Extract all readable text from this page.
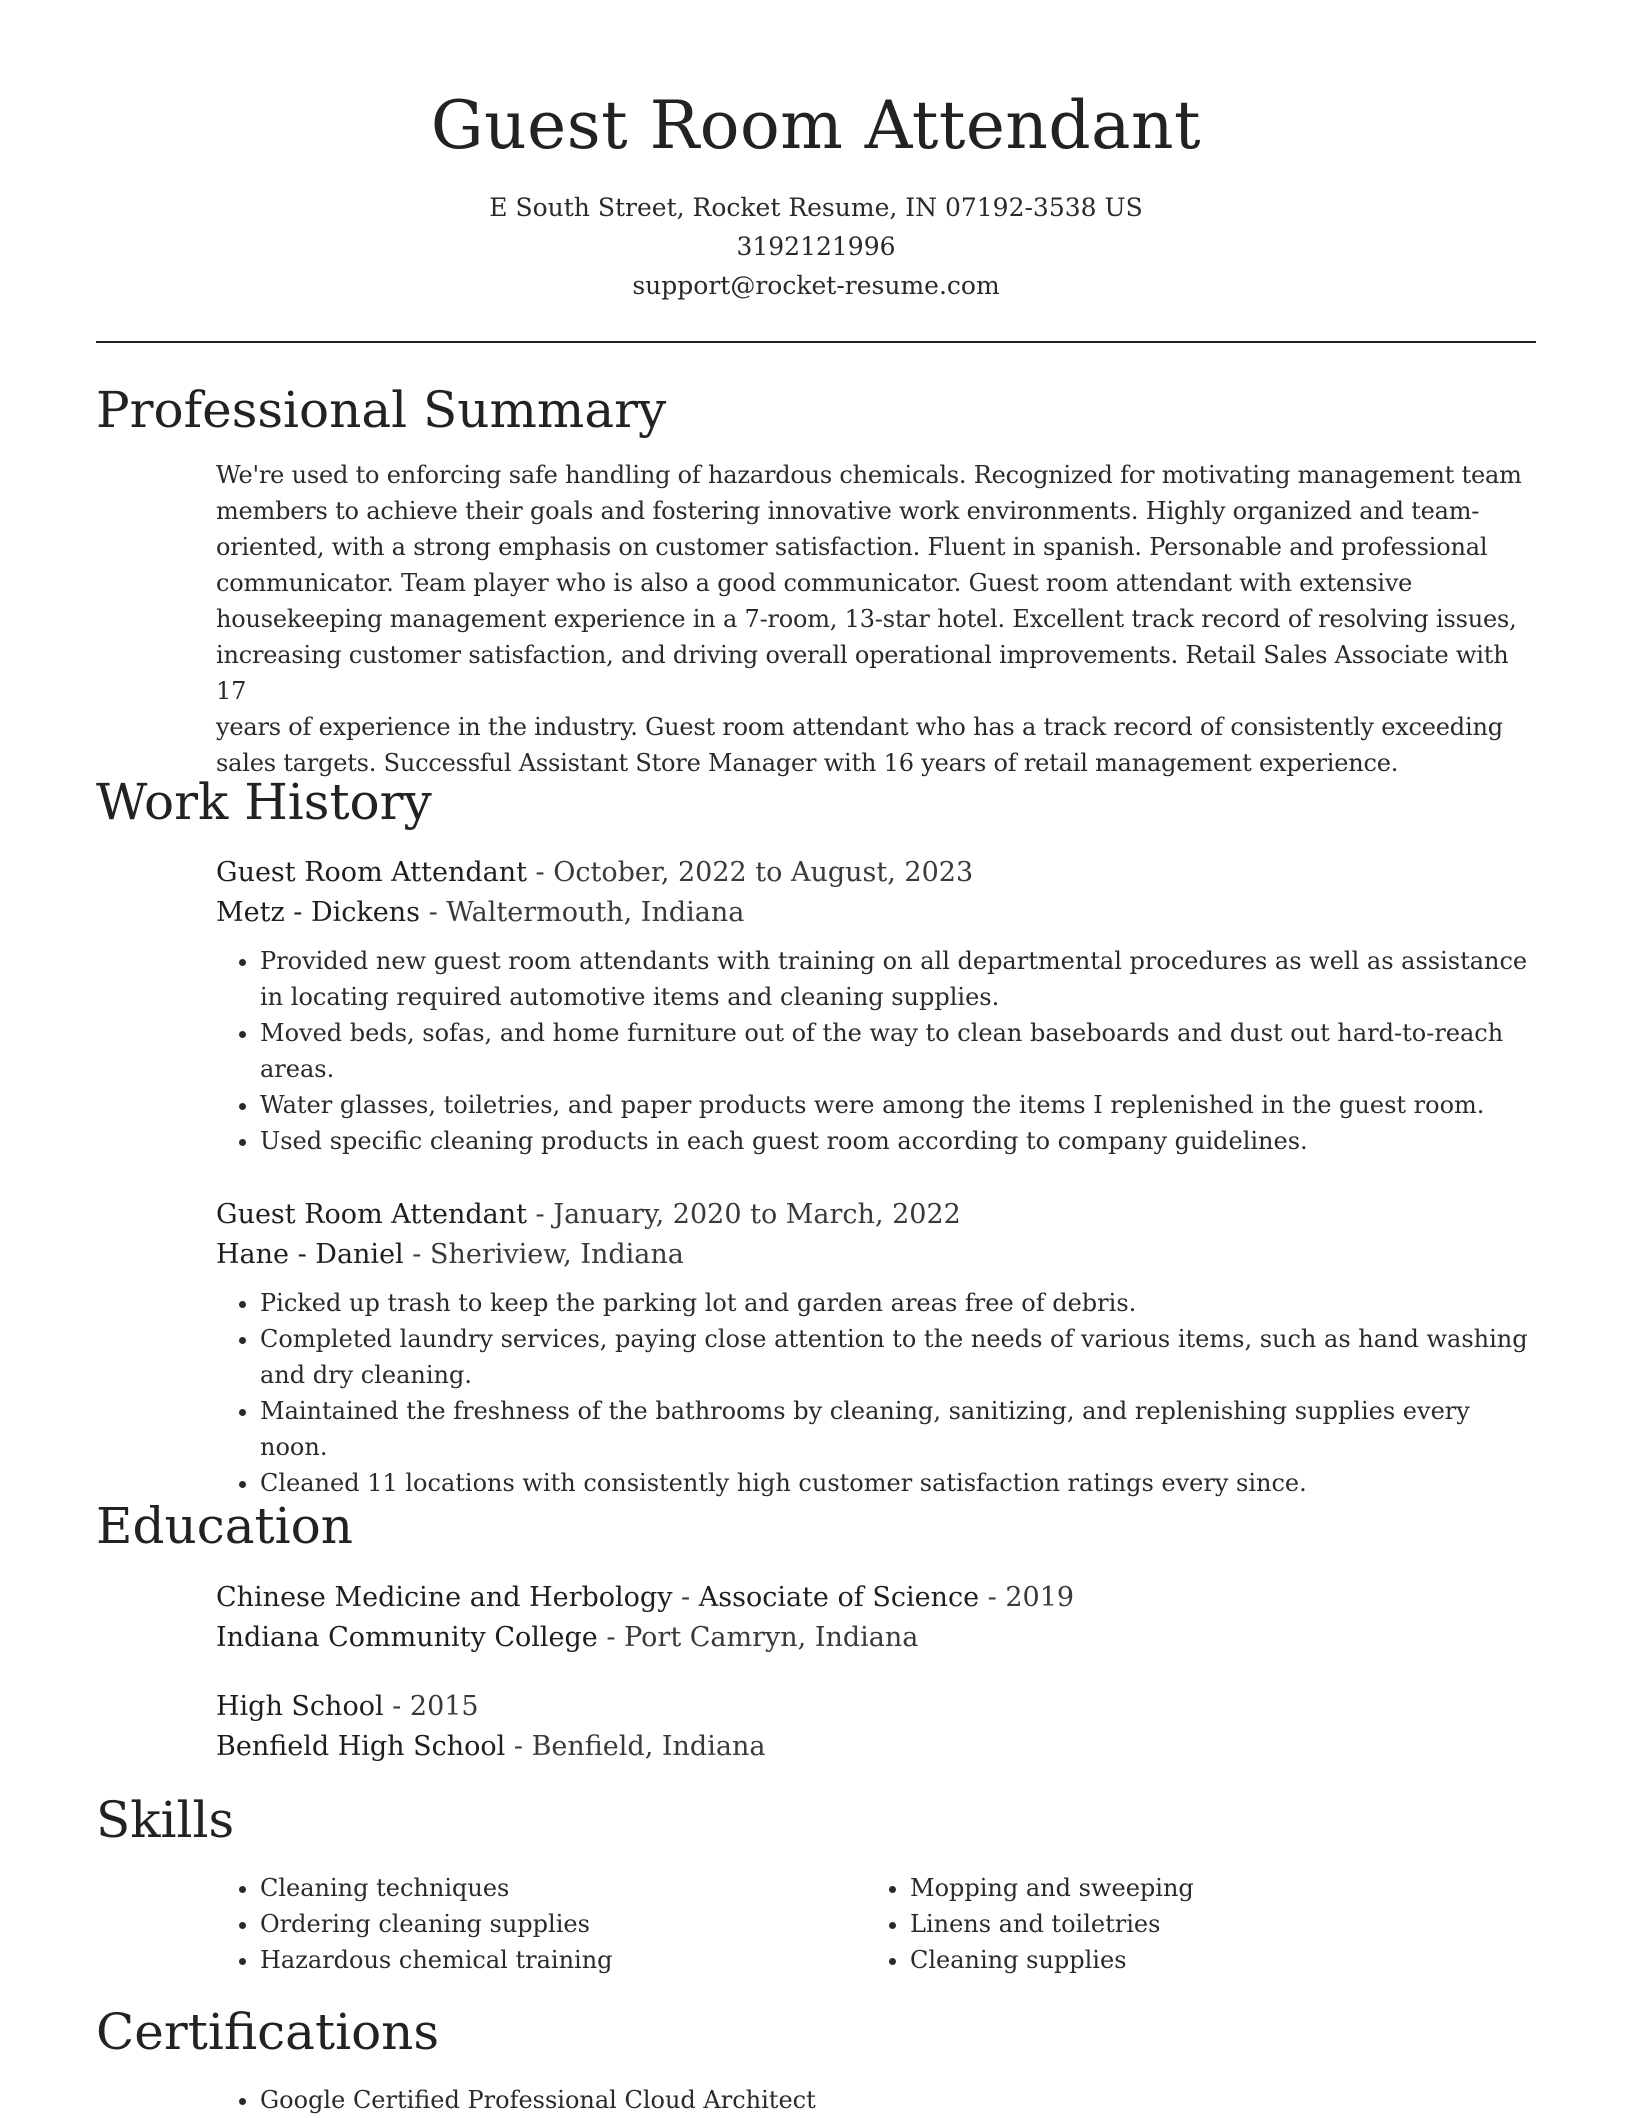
Guest Room Attendant
E South Street, Rocket Resume, IN 07192-3538 US
3192121996
support@rocket-resume.com
Professional Summary
We're used to enforcing safe handling of hazardous chemicals. Recognized for motivating management team
members to achieve their goals and fostering innovative work environments. Highly organized and team-
oriented, with a strong emphasis on customer satisfaction. Fluent in spanish. Personable and professional
communicator. Team player who is also a good communicator. Guest room attendant with extensive
housekeeping management experience in a 7-room, 13-star hotel. Excellent track record of resolving issues,
increasing customer satisfaction, and driving overall operational improvements. Retail Sales Associate with 17
years of experience in the industry. Guest room attendant who has a track record of consistently exceeding
sales targets. Successful Assistant Store Manager with 16 years of retail management experience.
Work History
Guest Room Attendant - October, 2022 to August, 2023
Metz - Dickens - Waltermouth, Indiana
• Provided new guest room attendants with training on all departmental procedures as well as assistance in locating required automotive items and cleaning supplies.
• Moved beds, sofas, and home furniture out of the way to clean baseboards and dust out hard-to-reach areas.
• Water glasses, toiletries, and paper products were among the items I replenished in the guest room.
• Used specific cleaning products in each guest room according to company guidelines.
Guest Room Attendant - January, 2020 to March, 2022
Hane - Daniel - Sheriview, Indiana
• Picked up trash to keep the parking lot and garden areas free of debris.
• Completed laundry services, paying close attention to the needs of various items, such as hand washing and dry cleaning.
• Maintained the freshness of the bathrooms by cleaning, sanitizing, and replenishing supplies every noon.
• Cleaned 11 locations with consistently high customer satisfaction ratings every since.
Education
Chinese Medicine and Herbology - Associate of Science - 2019
Indiana Community College - Port Camryn, Indiana
High School - 2015
Benfield High School - Benfield, Indiana
Skills
• Cleaning techniques
• Ordering cleaning supplies
• Hazardous chemical training
• Mopping and sweeping
• Linens and toiletries
• Cleaning supplies
Certifications
• Google Certified Professional Cloud Architect
